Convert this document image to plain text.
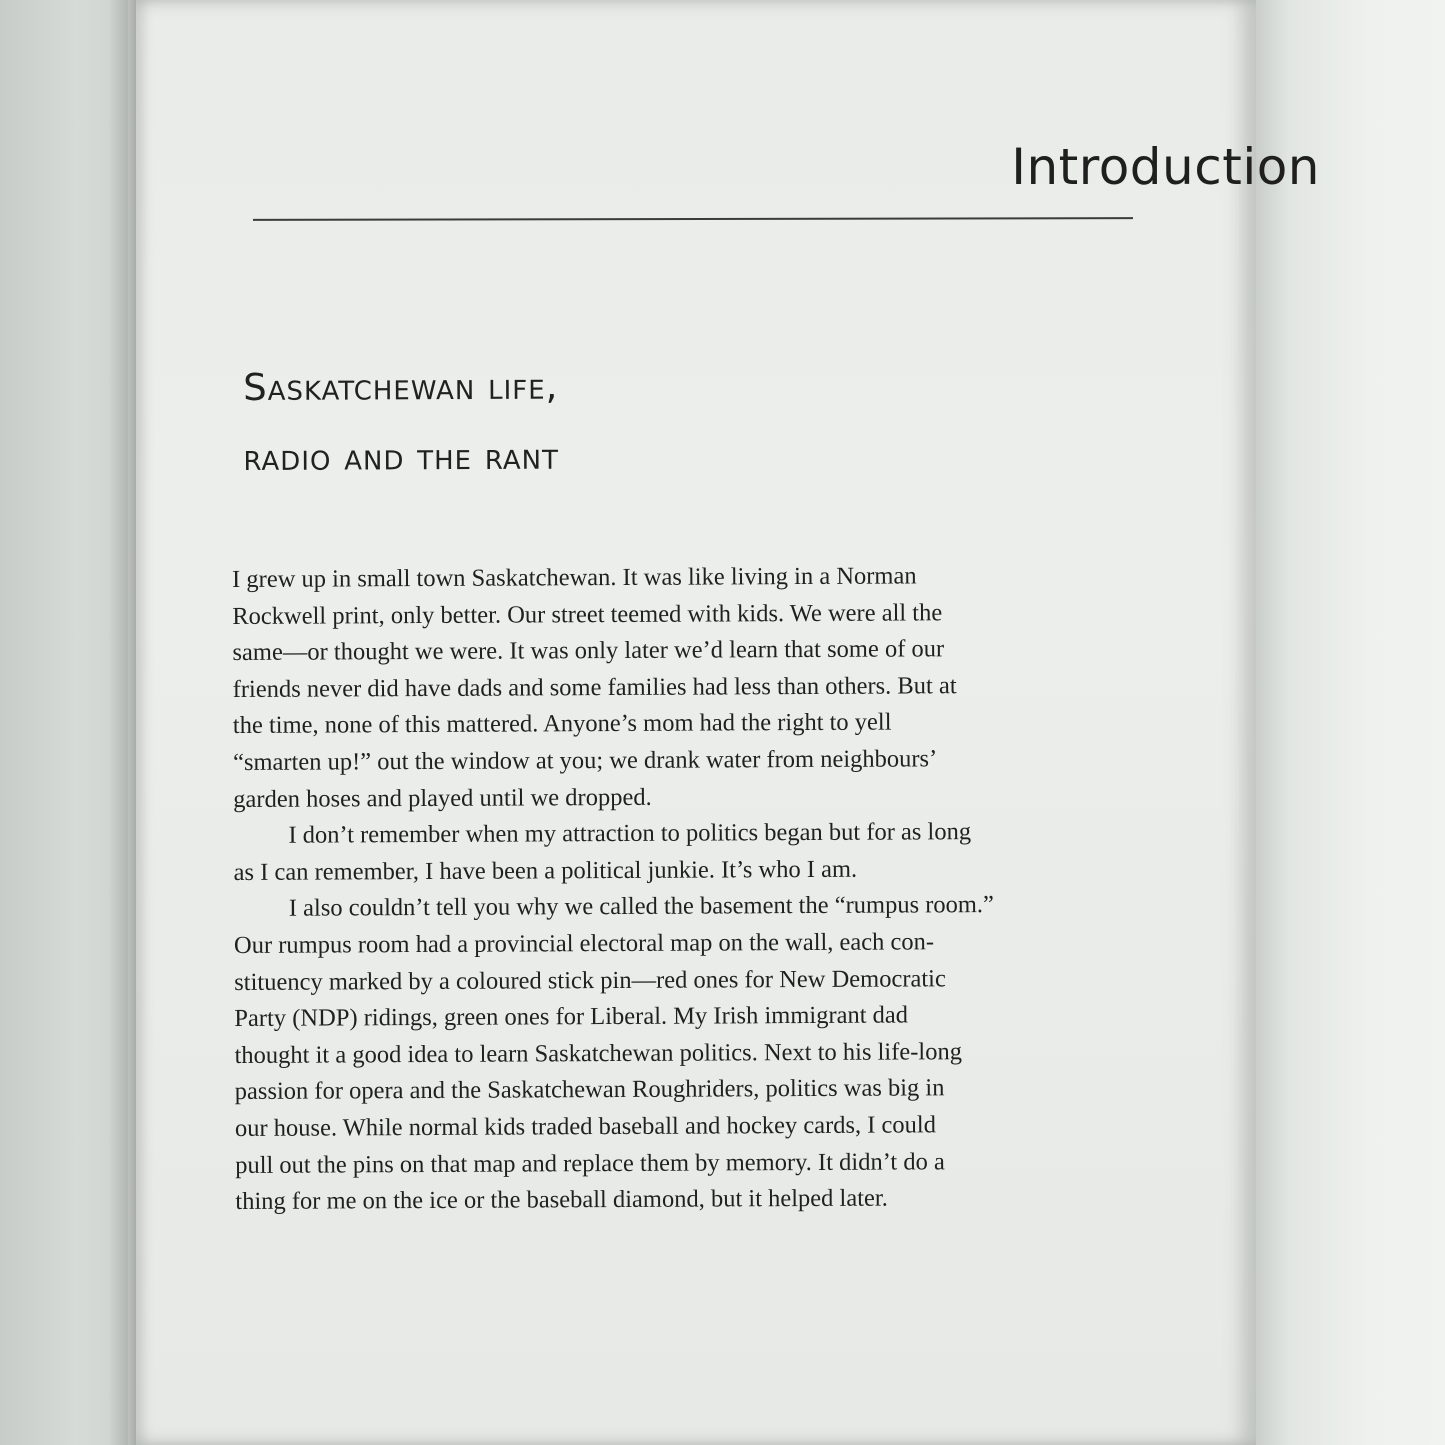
Introduction
Saskatchewan life,
radio and the rant

I grew up in small town Saskatchewan. It was like living in a Norman
Rockwell print, only better. Our street teemed with kids. We were all the
same—or thought we were. It was only later we’d learn that some of our
friends never did have dads and some families had less than others. But at
the time, none of this mattered. Anyone’s mom had the right to yell
“smarten up!” out the window at you; we drank water from neighbours’
garden hoses and played until we dropped.

I don’t remember when my attraction to politics began but for as long
as I can remember, I have been a political junkie. It’s who I am.

I also couldn’t tell you why we called the basement the “rumpus room.”
Our rumpus room had a provincial electoral map on the wall, each con-
stituency marked by a coloured stick pin—red ones for New Democratic
Party (NDP) ridings, green ones for Liberal. My Irish immigrant dad
thought it a good idea to learn Saskatchewan politics. Next to his life-long
passion for opera and the Saskatchewan Roughriders, politics was big in
our house. While normal kids traded baseball and hockey cards, I could
pull out the pins on that map and replace them by memory. It didn’t do a
thing for me on the ice or the baseball diamond, but it helped later.
